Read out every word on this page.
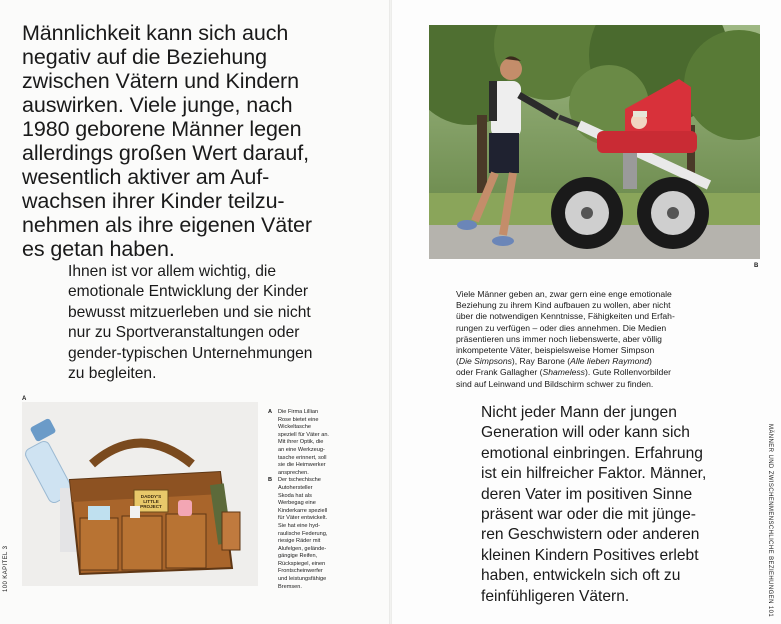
Männlichkeit kann sich auch
negativ auf die Beziehung
zwischen Vätern und Kindern
auswirken. Viele junge, nach
1980 geborene Männer legen
allerdings großen Wert darauf,
wesentlich aktiver am Auf-
wachsen ihrer Kinder teilzu-
nehmen als ihre eigenen Väter
es getan haben.

Ihnen ist vor allem wichtig, die
emotionale Entwicklung der Kinder
bewusst mitzuerleben und sie nicht
nur zu Sportveranstaltungen oder
gender-typischen Unternehmungen
zu begleiten.

A
DADDY'S LITTLE PROJECT
A	Die Firma Lillian
Rose bietet eine
Wickeltasche
speziell für Väter an.
Mit ihrer Optik, die
an eine Werkzeug-
tasche erinnert, soll
sie die Heimwerker
ansprechen.
B	Der tschechische
Autohersteller
Skoda hat als
Werbegag eine
Kinderkarre speziell
für Väter entwickelt.
Sie hat eine hyd-
raulische Federung,
riesige Räder mit
Alufelgen, gelände-
gängige Reifen,
Rückspiegel, einen
Frontscheinwerfer
und leistungsfähige
Bremsen.
100 KAPITEL 3
B

Viele Männer geben an, zwar gern eine enge emotionale
Beziehung zu ihrem Kind aufbauen zu wollen, aber nicht
über die notwendigen Kenntnisse, Fähigkeiten und Erfah-
rungen zu verfügen – oder dies annehmen. Die Medien
präsentieren uns immer noch liebenswerte, aber völlig
inkompetente Väter, beispielsweise Homer Simpson
(Die Simpsons), Ray Barone (Alle lieben Raymond)
oder Frank Gallagher (Shameless). Gute Rollenvorbilder
sind auf Leinwand und Bildschirm schwer zu finden.

Nicht jeder Mann der jungen
Generation will oder kann sich
emotional einbringen. Erfahrung
ist ein hilfreicher Faktor. Männer,
deren Vater im positiven Sinne
präsent war oder die mit jünge-
ren Geschwistern oder anderen
kleinen Kindern Positives erlebt
haben, entwickeln sich oft zu
feinfühligeren Vätern.	MÄNNER UND ZWISCHENMENSCHLICHE BEZIEHUNGEN 101
